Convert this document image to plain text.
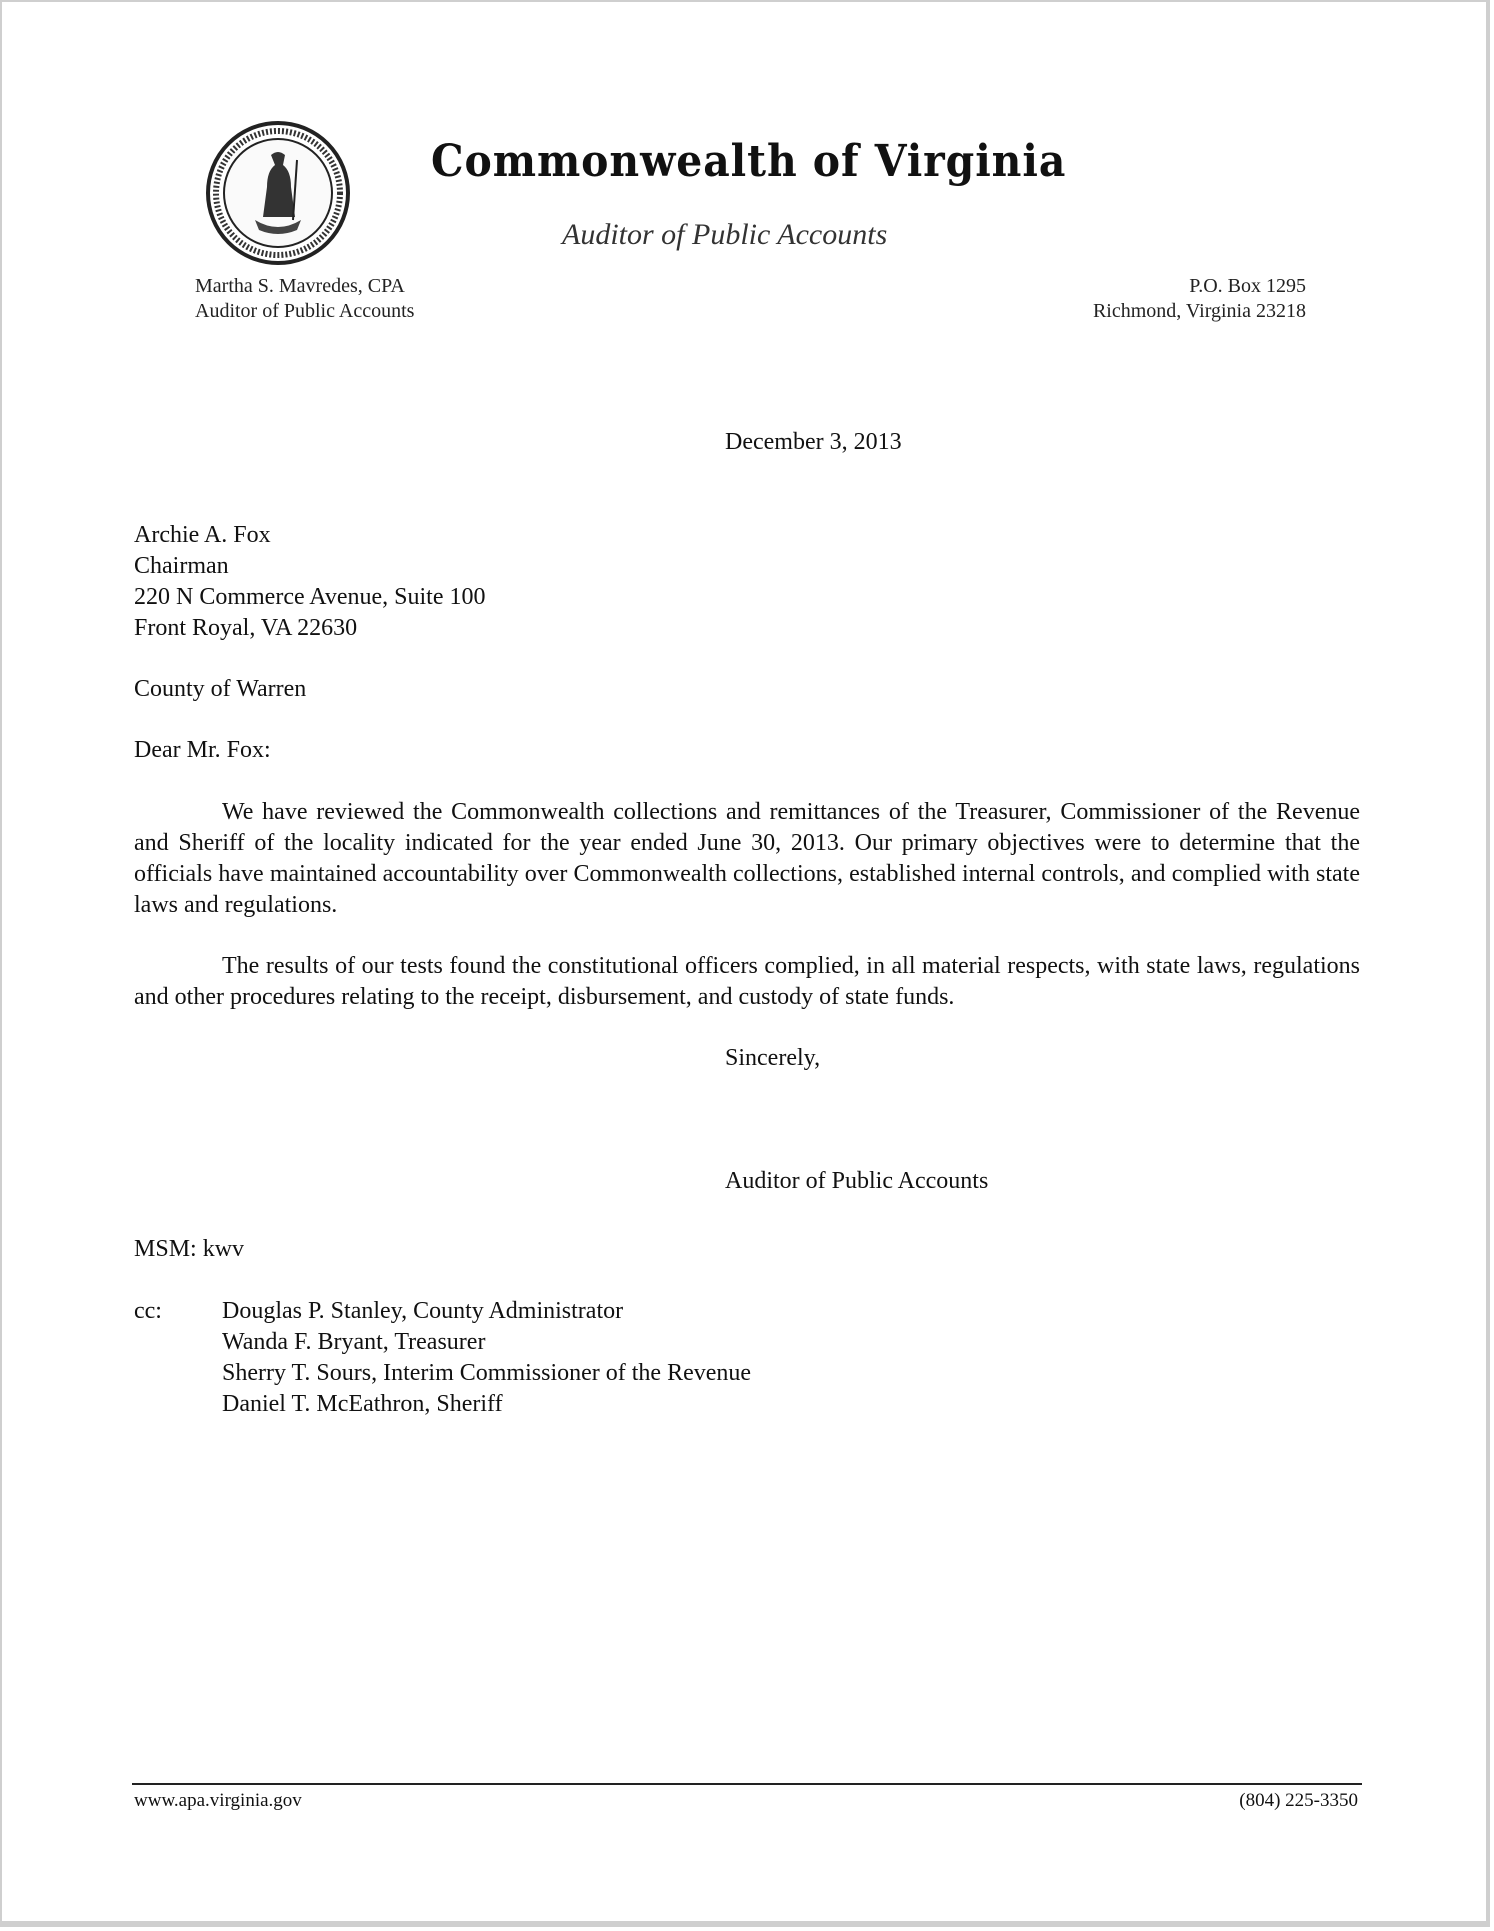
Commonwealth of Virginia
Auditor of Public Accounts
Martha S. Mavredes, CPA
Auditor of Public Accounts
P.O. Box 1295
Richmond, Virginia 23218
December 3, 2013
Archie A. Fox
Chairman
220 N Commerce Avenue, Suite 100
Front Royal, VA 22630
County of Warren
Dear Mr. Fox:
We have reviewed the Commonwealth collections and remittances of the Treasurer, Commissioner of the Revenue and Sheriff of the locality indicated for the year ended June 30, 2013. Our primary objectives were to determine that the officials have maintained accountability over Commonwealth collections, established internal controls, and complied with state laws and regulations.
The results of our tests found the constitutional officers complied, in all material respects, with state laws, regulations and other procedures relating to the receipt, disbursement, and custody of state funds.
Sincerely,
Auditor of Public Accounts
MSM: kwv
cc:	Douglas P. Stanley, County Administrator
Wanda F. Bryant, Treasurer
Sherry T. Sours, Interim Commissioner of the Revenue
Daniel T. McEathron, Sheriff
www.apa.virginia.gov	(804) 225-3350
